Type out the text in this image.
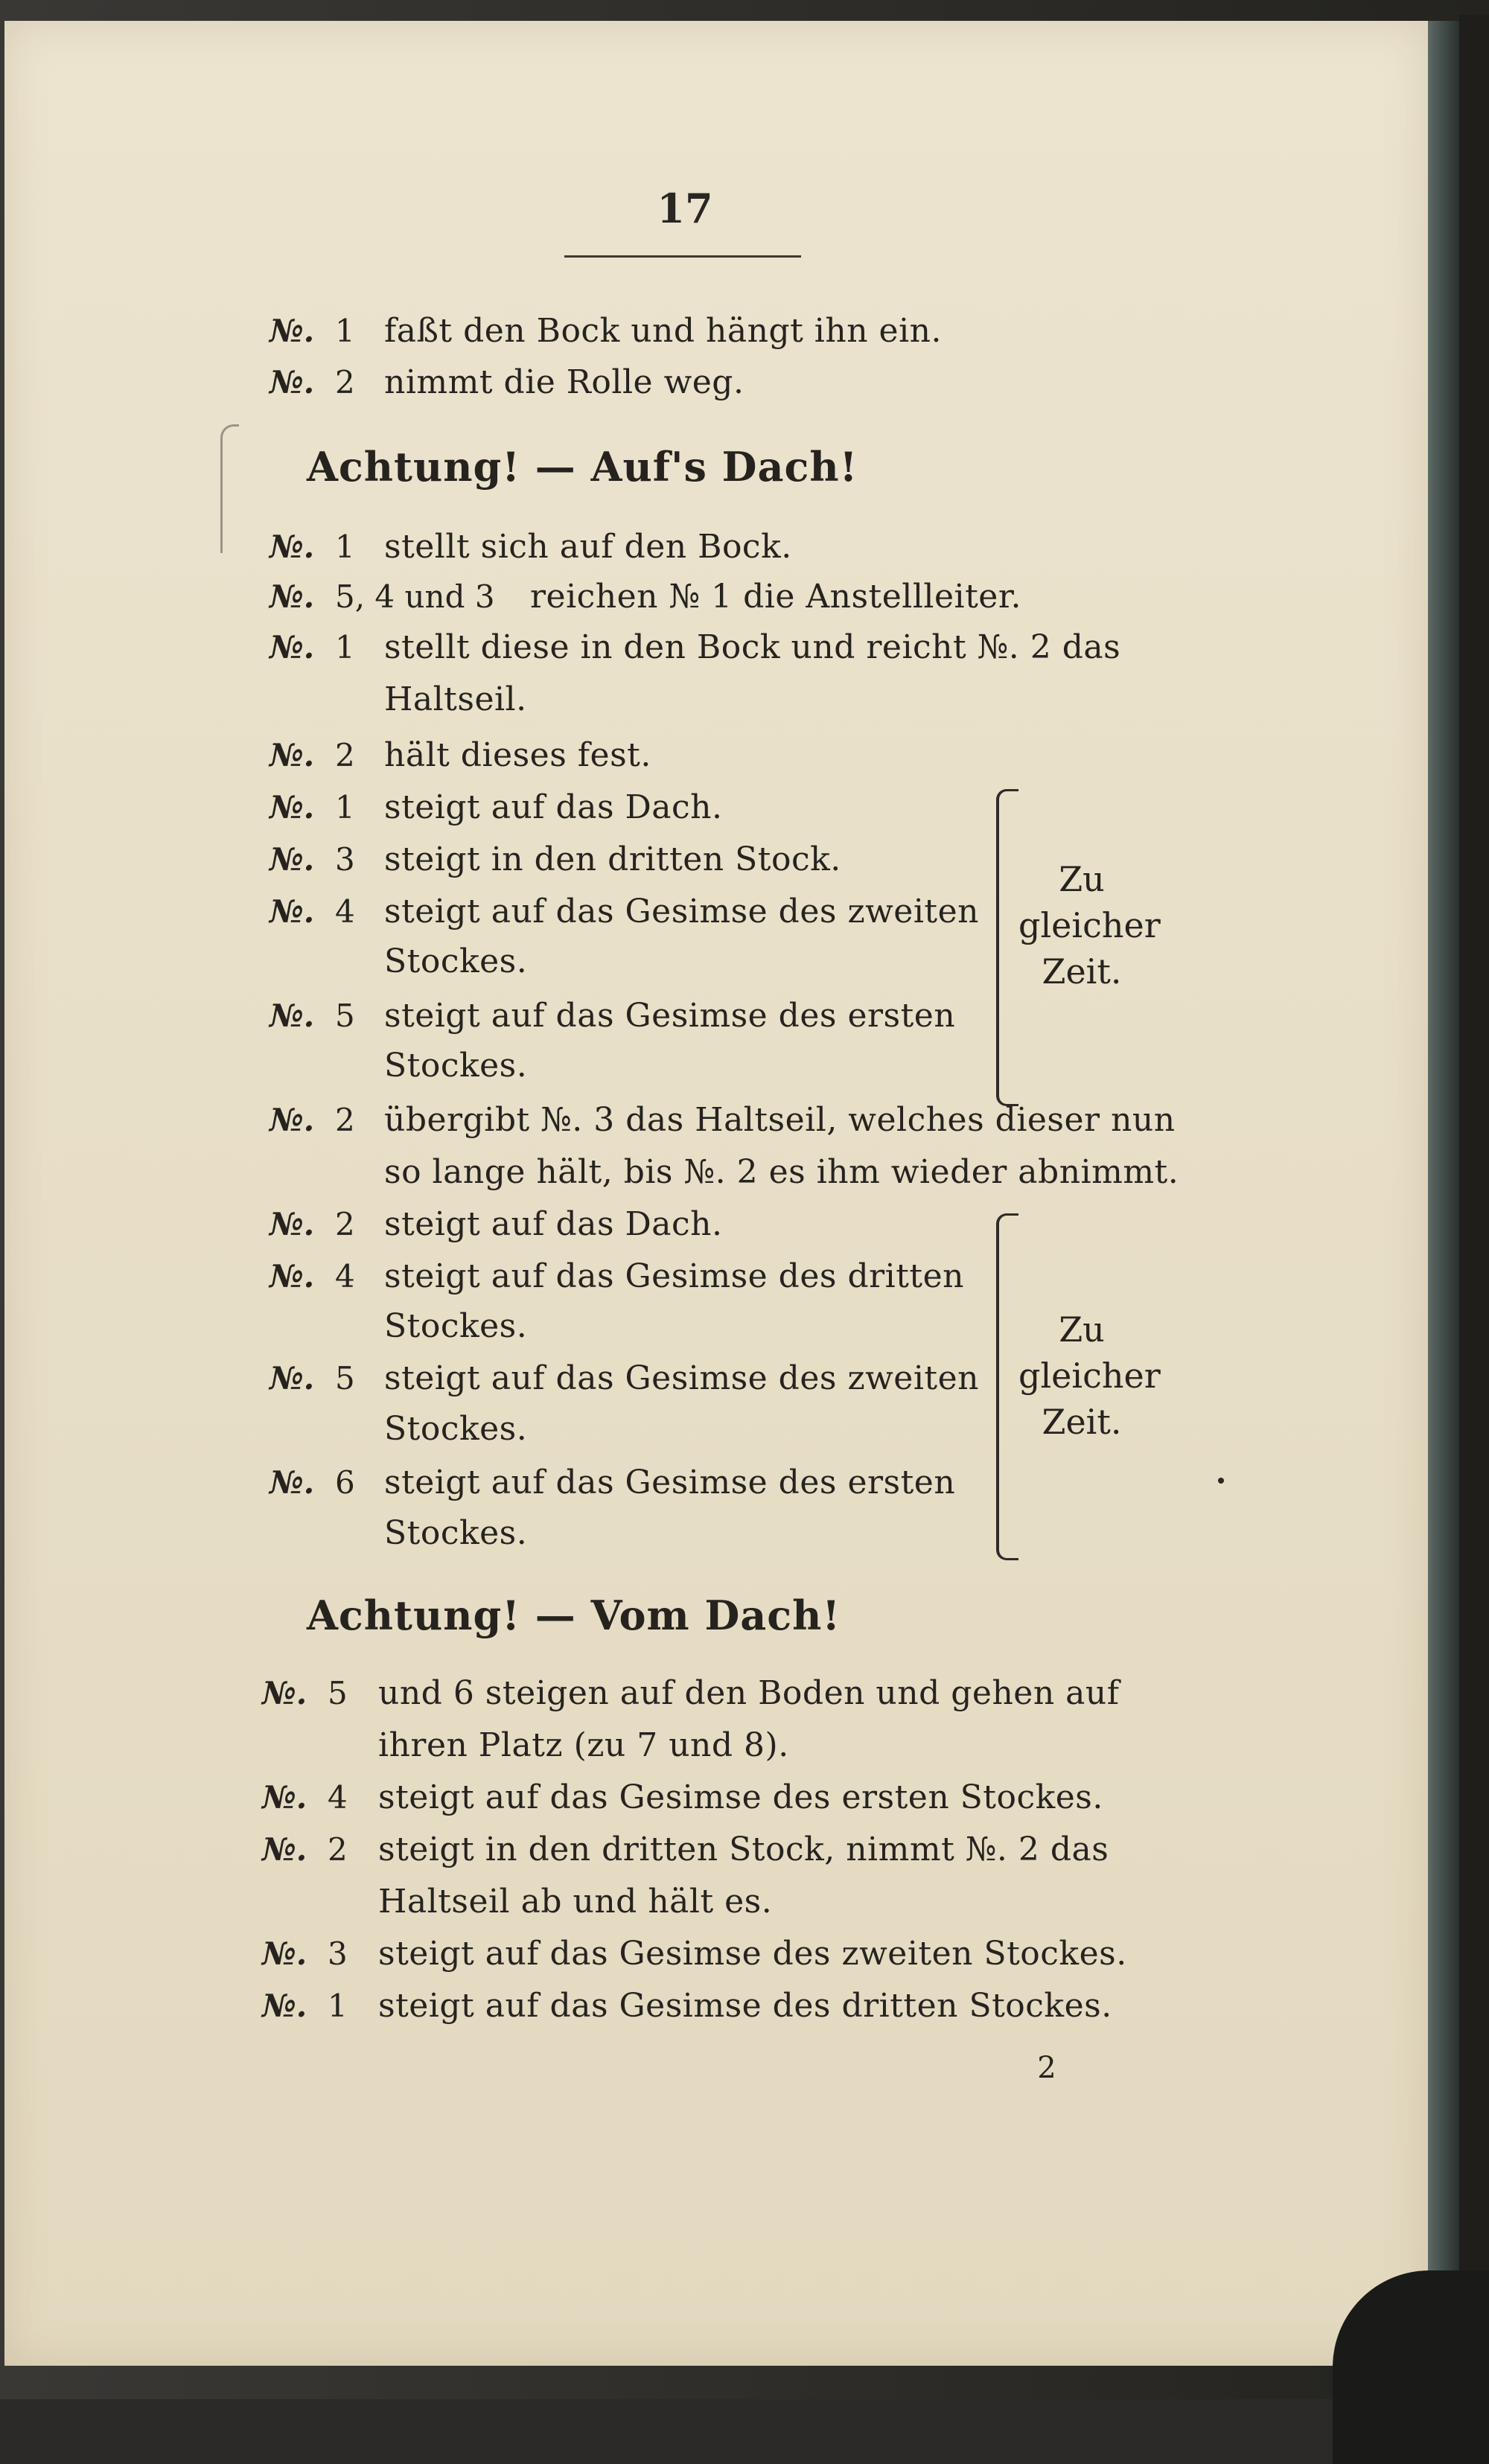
17
№. 1 faßt den Bock und hängt ihn ein.
№. 2 nimmt die Rolle weg.
Achtung! — Auf's Dach!
№. 1 stellt sich auf den Bock.
№. 5, 4 und 3 reichen № 1 die Anstellleiter.
№. 1 stellt diese in den Bock und reicht №. 2 das
Haltseil.
№. 2 hält dieses fest.
№. 1 steigt auf das Dach.
№. 3 steigt in den dritten Stock.
№. 4 steigt auf das Gesimse des zweiten
Stockes.
№. 5 steigt auf das Gesimse des ersten
Stockes.
Zu
gleicher
Zeit.
№. 2 übergibt №. 3 das Haltseil, welches dieser nun
so lange hält, bis №. 2 es ihm wieder abnimmt.
№. 2 steigt auf das Dach.
№. 4 steigt auf das Gesimse des dritten
Stockes.
№. 5 steigt auf das Gesimse des zweiten
Stockes.
№. 6 steigt auf das Gesimse des ersten
Stockes.
Zu
gleicher
Zeit.
Achtung! — Vom Dach!
№. 5 und 6 steigen auf den Boden und gehen auf
ihren Platz (zu 7 und 8).
№. 4 steigt auf das Gesimse des ersten Stockes.
№. 2 steigt in den dritten Stock, nimmt №. 2 das
Haltseil ab und hält es.
№. 3 steigt auf das Gesimse des zweiten Stockes.
№. 1 steigt auf das Gesimse des dritten Stockes.
2
